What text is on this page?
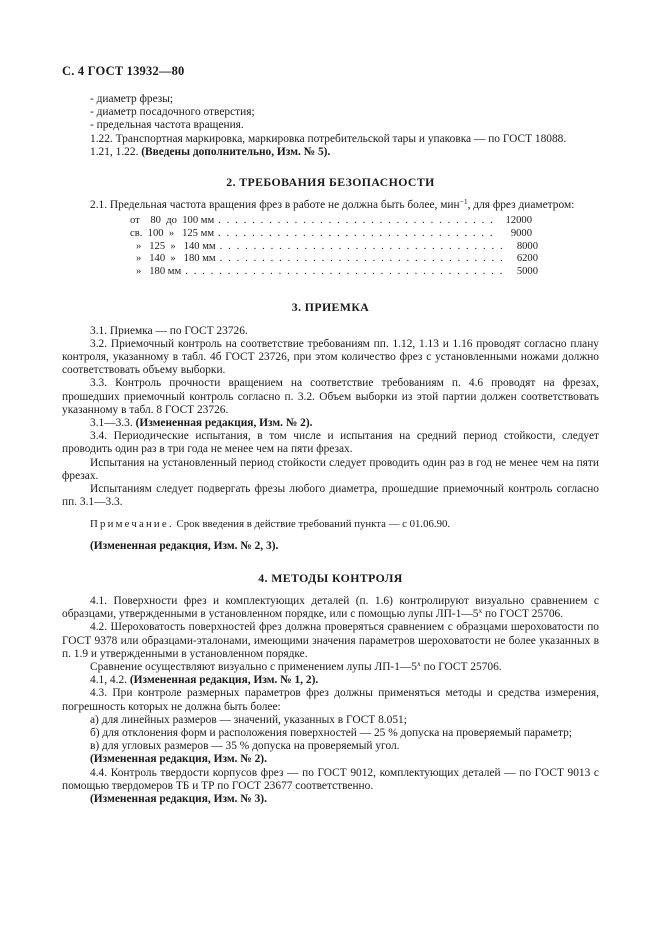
С. 4 ГОСТ 13932—80
- диаметр фрезы;
- диаметр посадочного отверстия;
- предельная частота вращения.
1.22. Транспортная маркировка, маркировка потребительской тары и упаковка — по ГОСТ 18088.
1.21, 1.22. (Введены дополнительно, Изм. № 5).
2. ТРЕБОВАНИЯ БЕЗОПАСНОСТИ
2.1. Предельная частота вращения фрез в работе не должна быть более, мин$^{-1}$, для фрез диаметром:
от    80  до  100 мм . . .	12000
св.  100  »   125 мм . . .	9000
»   125  »   140 мм . . .	8000
»   140  »   180 мм . . .	6200
»   180 мм . . .	5000
3. ПРИЕМКА
3.1. Приемка — по ГОСТ 23726.
3.2. Приемочный контроль на соответствие требованиям пп. 1.12, 1.13 и 1.16 проводят согласно плану контроля, указанному в табл. 4б ГОСТ 23726, при этом количество фрез с установленными ножами должно соответствовать объему выборки.
3.3. Контроль прочности вращением на соответствие требованиям п. 4.6 проводят на фрезах, прошедших приемочный контроль согласно п. 3.2. Объем выборки из этой партии должен соответствовать указанному в табл. 8 ГОСТ 23726.
3.1—3.3. (Измененная редакция, Изм. № 2).
3.4. Периодические испытания, в том числе и испытания на средний период стойкости, следует проводить один раз в три года не менее чем на пяти фрезах.
Испытания на установленный период стойкости следует проводить один раз в год не менее чем на пяти фрезах.
Испытаниям следует подвергать фрезы любого диаметра, прошедшие приемочный контроль согласно пп. 3.1—3.3.
Примечание. Срок введения в действие требований пункта — с 01.06.90.
(Измененная редакция, Изм. № 2, 3).
4. МЕТОДЫ КОНТРОЛЯ
4.1. Поверхности фрез и комплектующих деталей (п. 1.6) контролируют визуально сравнением с образцами, утвержденными в установленном порядке, или с помощью лупы $ЛП-1—5^х$ по ГОСТ 25706.
4.2. Шероховатость поверхностей фрез должна проверяться сравнением с образцами шероховатости по ГОСТ 9378 или образцами-эталонами, имеющими значения параметров шероховатости не более указанных в п. 1.9 и утвержденными в установленном порядке.
Сравнение осуществляют визуально с применением лупы $ЛП-1—5^х$ по ГОСТ 25706.
4.1, 4.2. (Измененная редакция, Изм. № 1, 2).
4.3. При контроле размерных параметров фрез должны применяться методы и средства измерения, погрешность которых не должна быть более:
а) для линейных размеров — значений, указанных в ГОСТ 8.051;
б) для отклонения форм и расположения поверхностей — 25 % допуска на проверяемый параметр;
в) для угловых размеров — 35 % допуска на проверяемый угол.
(Измененная редакция, Изм. № 2).
4.4. Контроль твердости корпусов фрез — по ГОСТ 9012, комплектующих деталей — по ГОСТ 9013 с помощью твердомеров ТБ и ТР по ГОСТ 23677 соответственно.
(Измененная редакция, Изм. № 3).
